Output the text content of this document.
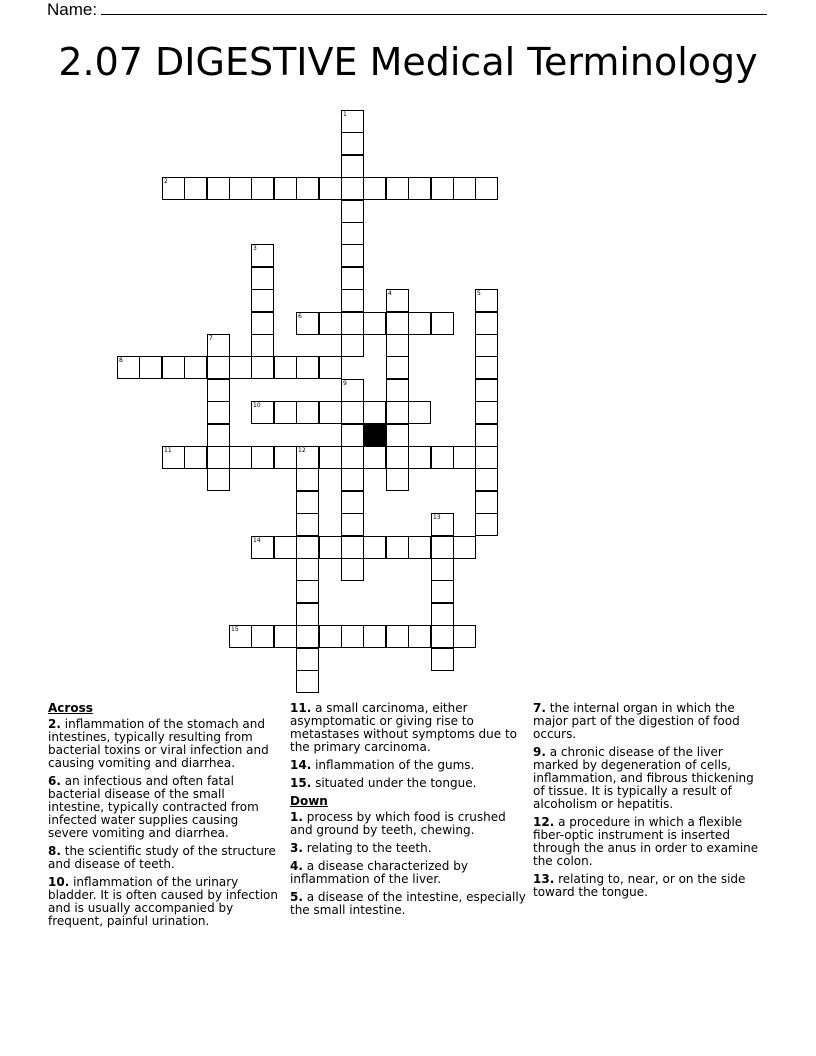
Name:
2.07 DIGESTIVE Medical Terminology
1
2
3
4	5
6
7
8
9
10
11	12
13
14
15
Across
2. inflammation of the stomach and intestines, typically resulting from bacterial toxins or viral infection and causing vomiting and diarrhea.
6. an infectious and often fatal bacterial disease of the small intestine, typically contracted from infected water supplies causing severe vomiting and diarrhea.
8. the scientific study of the structure and disease of teeth.
10. inflammation of the urinary bladder. It is often caused by infection and is usually accompanied by frequent, painful urination.
11. a small carcinoma, either asymptomatic or giving rise to metastases without symptoms due to the primary carcinoma.
14. inflammation of the gums.
15. situated under the tongue.
Down
1. process by which food is crushed and ground by teeth, chewing.
3. relating to the teeth.
4. a disease characterized by inflammation of the liver.
5. a disease of the intestine, especially the small intestine.
7. the internal organ in which the major part of the digestion of food occurs.
9. a chronic disease of the liver marked by degeneration of cells, inflammation, and fibrous thickening of tissue. It is typically a result of alcoholism or hepatitis.
12. a procedure in which a flexible fiber-optic instrument is inserted through the anus in order to examine the colon.
13. relating to, near, or on the side toward the tongue.
